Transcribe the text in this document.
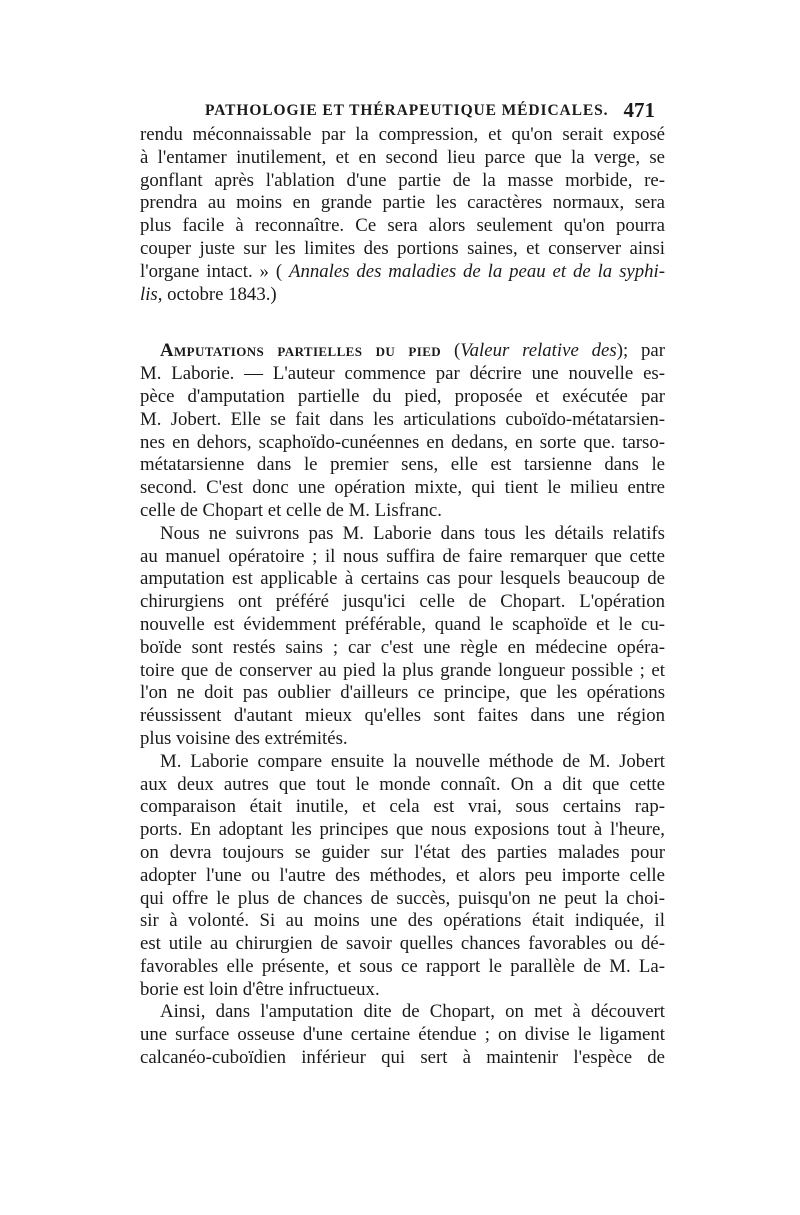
PATHOLOGIE ET THÉRAPEUTIQUE MÉDICALES. 471
rendu méconnaissable par la compression, et qu'on serait exposé
à l'entamer inutilement, et en second lieu parce que la verge, se
gonflant après l'ablation d'une partie de la masse morbide, re-
prendra au moins en grande partie les caractères normaux, sera
plus facile à reconnaître. Ce sera alors seulement qu'on pourra
couper juste sur les limites des portions saines, et conserver ainsi
l'organe intact. » ( Annales des maladies de la peau et de la syphi-
lis, octobre 1843.)
Amputations partielles du pied (Valeur relative des); par
M. Laborie. — L'auteur commence par décrire une nouvelle es-
pèce d'amputation partielle du pied, proposée et exécutée par
M. Jobert. Elle se fait dans les articulations cuboïdo-métatarsien-
nes en dehors, scaphoïdo-cunéennes en dedans, en sorte que. tarso-
métatarsienne dans le premier sens, elle est tarsienne dans le
second. C'est donc une opération mixte, qui tient le milieu entre
celle de Chopart et celle de M. Lisfranc.
Nous ne suivrons pas M. Laborie dans tous les détails relatifs
au manuel opératoire ; il nous suffira de faire remarquer que cette
amputation est applicable à certains cas pour lesquels beaucoup de
chirurgiens ont préféré jusqu'ici celle de Chopart. L'opération
nouvelle est évidemment préférable, quand le scaphoïde et le cu-
boïde sont restés sains ; car c'est une règle en médecine opéra-
toire que de conserver au pied la plus grande longueur possible ; et
l'on ne doit pas oublier d'ailleurs ce principe, que les opérations
réussissent d'autant mieux qu'elles sont faites dans une région
plus voisine des extrémités.
M. Laborie compare ensuite la nouvelle méthode de M. Jobert
aux deux autres que tout le monde connaît. On a dit que cette
comparaison était inutile, et cela est vrai, sous certains rap-
ports. En adoptant les principes que nous exposions tout à l'heure,
on devra toujours se guider sur l'état des parties malades pour
adopter l'une ou l'autre des méthodes, et alors peu importe celle
qui offre le plus de chances de succès, puisqu'on ne peut la choi-
sir à volonté. Si au moins une des opérations était indiquée, il
est utile au chirurgien de savoir quelles chances favorables ou dé-
favorables elle présente, et sous ce rapport le parallèle de M. La-
borie est loin d'être infructueux.
Ainsi, dans l'amputation dite de Chopart, on met à découvert
une surface osseuse d'une certaine étendue ; on divise le ligament
calcanéo-cuboïdien inférieur qui sert à maintenir l'espèce de
